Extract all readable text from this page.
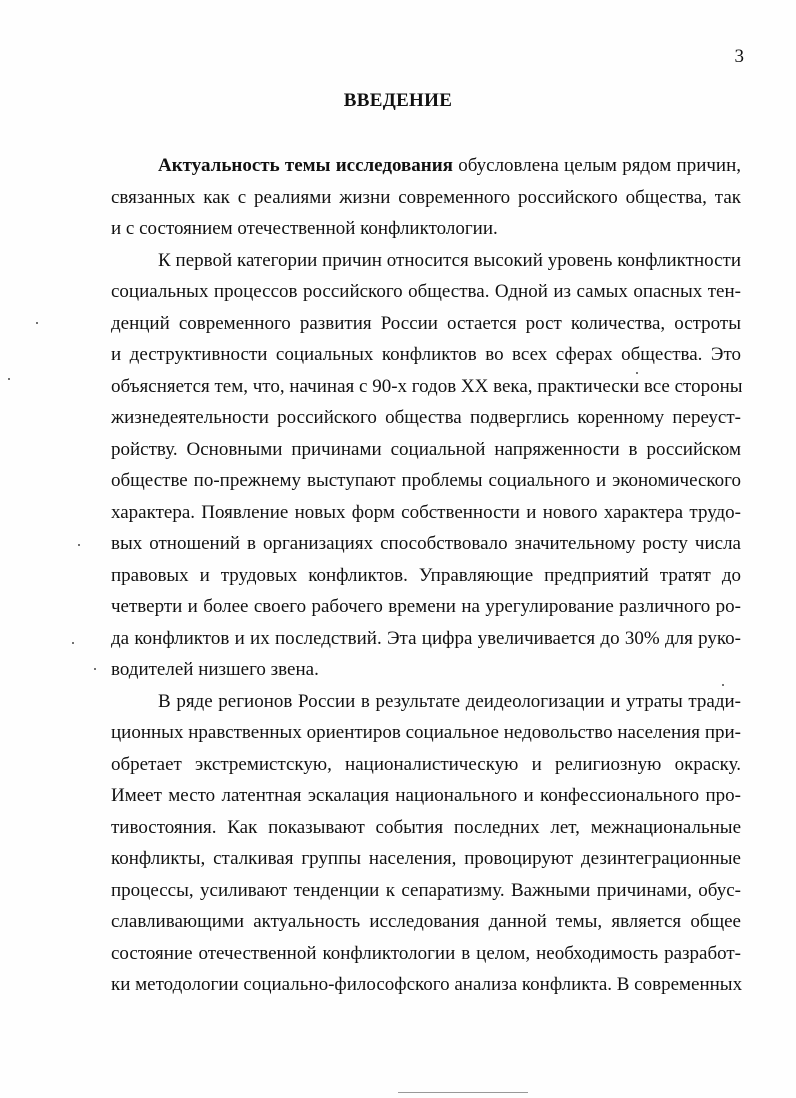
3
ВВЕДЕНИЕ
Актуальность темы исследования обусловлена целым рядом причин,
связанных как с реалиями жизни современного российского общества, так
и с состоянием отечественной конфликтологии.
К первой категории причин относится высокий уровень конфликтности
социальных процессов российского общества. Одной из самых опасных тен-
денций современного развития России остается рост количества, остроты
и деструктивности социальных конфликтов во всех сферах общества. Это
объясняется тем, что, начиная с 90-х годов XX века, практически все стороны
жизнедеятельности российского общества подверглись коренному переуст-
ройству. Основными причинами социальной напряженности в российском
обществе по-прежнему выступают проблемы социального и экономического
характера. Появление новых форм собственности и нового характера трудо-
вых отношений в организациях способствовало значительному росту числа
правовых и трудовых конфликтов. Управляющие предприятий тратят до
четверти и более своего рабочего времени на урегулирование различного ро-
да конфликтов и их последствий. Эта цифра увеличивается до 30% для руко-
водителей низшего звена.
В ряде регионов России в результате деидеологизации и утраты тради-
ционных нравственных ориентиров социальное недовольство населения при-
обретает экстремистскую, националистическую и религиозную окраску.
Имеет место латентная эскалация национального и конфессионального про-
тивостояния. Как показывают события последних лет, межнациональные
конфликты, сталкивая группы населения, провоцируют дезинтеграционные
процессы, усиливают тенденции к сепаратизму. Важными причинами, обус-
славливающими актуальность исследования данной темы, является общее
состояние отечественной конфликтологии в целом, необходимость разработ-
ки методологии социально-философского анализа конфликта. В современных
